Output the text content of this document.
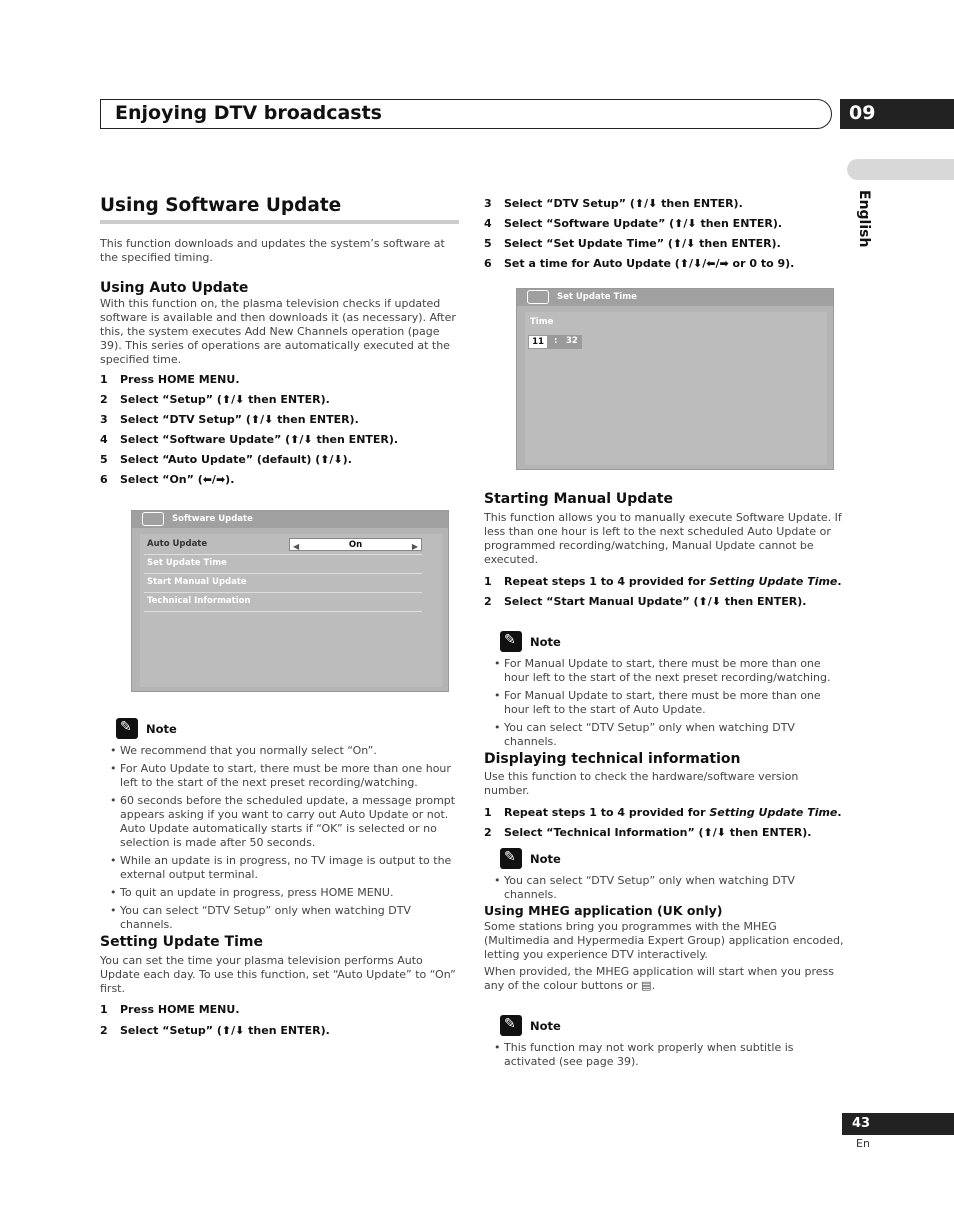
Enjoying DTV broadcasts	09
English
Using Software Update

This function downloads and updates the system’s software at the specified timing.

Using Auto Update

With this function on, the plasma television checks if updated software is available and then downloads it (as necessary). After this, the system executes Add New Channels operation (page 39). This series of operations are automatically executed at the specified time.

1	Press HOME MENU.
2	Select “Setup” (⬆/⬇ then ENTER).
3	Select “DTV Setup” (⬆/⬇ then ENTER).
4	Select “Software Update” (⬆/⬇ then ENTER).
5	Select “Auto Update” (default) (⬆/⬇).
6	Select “On” (⬅/➡).
Software Update
Auto Update	◀	On	▶
Set Update Time
Start Manual Update
Technical Information
✎
Note
• We recommend that you normally select “On”.
• For Auto Update to start, there must be more than one hour left to the start of the next preset recording/watching.
• 60 seconds before the scheduled update, a message prompt appears asking if you want to carry out Auto Update or not. Auto Update automatically starts if “OK” is selected or no selection is made after 50 seconds.
• While an update is in progress, no TV image is output to the external output terminal.
• To quit an update in progress, press HOME MENU.
• You can select “DTV Setup” only when watching DTV channels.
Setting Update Time

You can set the time your plasma television performs Auto Update each day. To use this function, set “Auto Update” to “On” first.

1	Press HOME MENU.
2	Select “Setup” (⬆/⬇ then ENTER).
3	Select “DTV Setup” (⬆/⬇ then ENTER).
4	Select “Software Update” (⬆/⬇ then ENTER).
5	Select “Set Update Time” (⬆/⬇ then ENTER).
6	Set a time for Auto Update (⬆/⬇/⬅/➡ or 0 to 9).
Set Update Time
Time
11	: 32
Starting Manual Update

This function allows you to manually execute Software Update. If less than one hour is left to the next scheduled Auto Update or programmed recording/watching, Manual Update cannot be executed.

1	Repeat steps 1 to 4 provided for Setting Update Time.
2	Select “Start Manual Update” (⬆/⬇ then ENTER).
✎
Note
• For Manual Update to start, there must be more than one hour left to the start of the next preset recording/watching.
• For Manual Update to start, there must be more than one hour left to the start of Auto Update.
• You can select “DTV Setup” only when watching DTV channels.
Displaying technical information

Use this function to check the hardware/software version number.

1	Repeat steps 1 to 4 provided for Setting Update Time.
2	Select “Technical Information” (⬆/⬇ then ENTER).
✎
Note
• You can select “DTV Setup” only when watching DTV channels.
Using MHEG application (UK only)

Some stations bring you programmes with the MHEG (Multimedia and Hypermedia Expert Group) application encoded, letting you experience DTV interactively.

When provided, the MHEG application will start when you press any of the colour buttons or ▤.

✎
Note
• This function may not work properly when subtitle is activated (see page 39).
43
En
